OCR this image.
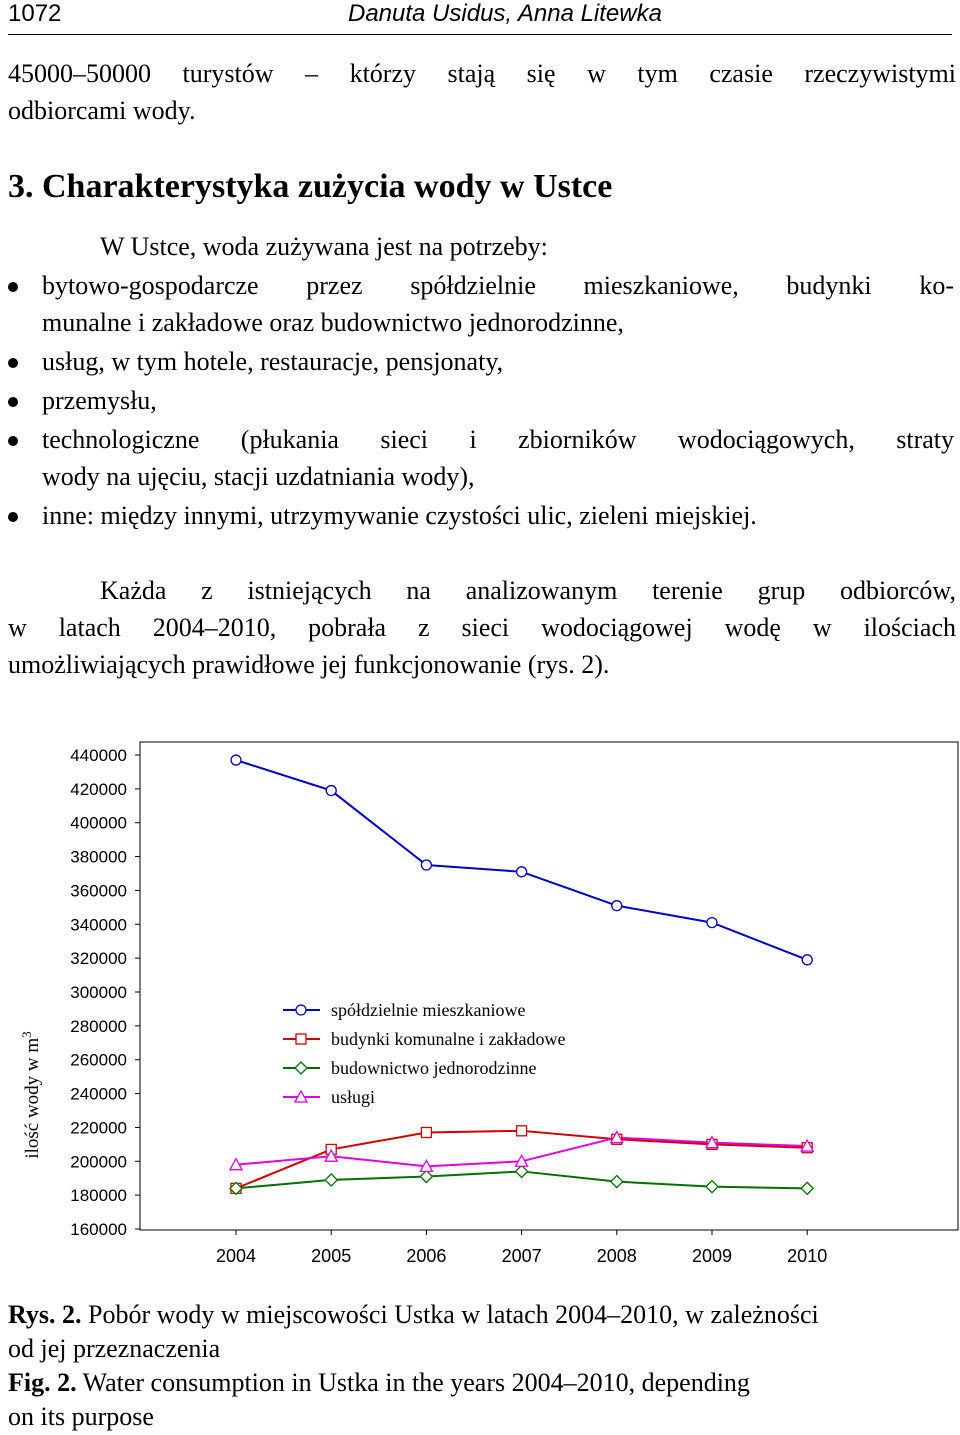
1072	Danuta Usidus, Anna Litewka
45000–50000 turystów – którzy stają się w tym czasie rzeczywistymi
odbiorcami wody.
3. Charakterystyka zużycia wody w Ustce
W Ustce, woda zużywana jest na potrzeby:
bytowo-gospodarcze przez spółdzielnie mieszkaniowe, budynki ko-
munalne i zakładowe oraz budownictwo jednorodzinne,
usług, w tym hotele, restauracje, pensjonaty,
przemysłu,
technologiczne (płukania sieci i zbiorników wodociągowych, straty
wody na ujęciu, stacji uzdatniania wody),
inne: między innymi, utrzymywanie czystości ulic, zieleni miejskiej.
Każda z istniejących na analizowanym terenie grup odbiorców,
w latach 2004–2010, pobrała z sieci wodociągowej wodę w ilościach
umożliwiających prawidłowe jej funkcjonowanie (rys. 2).
160000
180000
200000
220000
240000
260000
280000
300000
320000
340000
360000
380000
400000
420000
440000
2004	2005	2006	2007	2008	2009	2010
spółdzielnie mieszkaniowe
budynki komunalne i zakładowe
budownictwo jednorodzinne
usługi
ilość wody w $m^3$
Rys. 2. Pobór wody w miejscowości Ustka w latach 2004–2010, w zależności
od jej przeznaczenia
Fig. 2. Water consumption in Ustka in the years 2004–2010, depending
on its purpose
